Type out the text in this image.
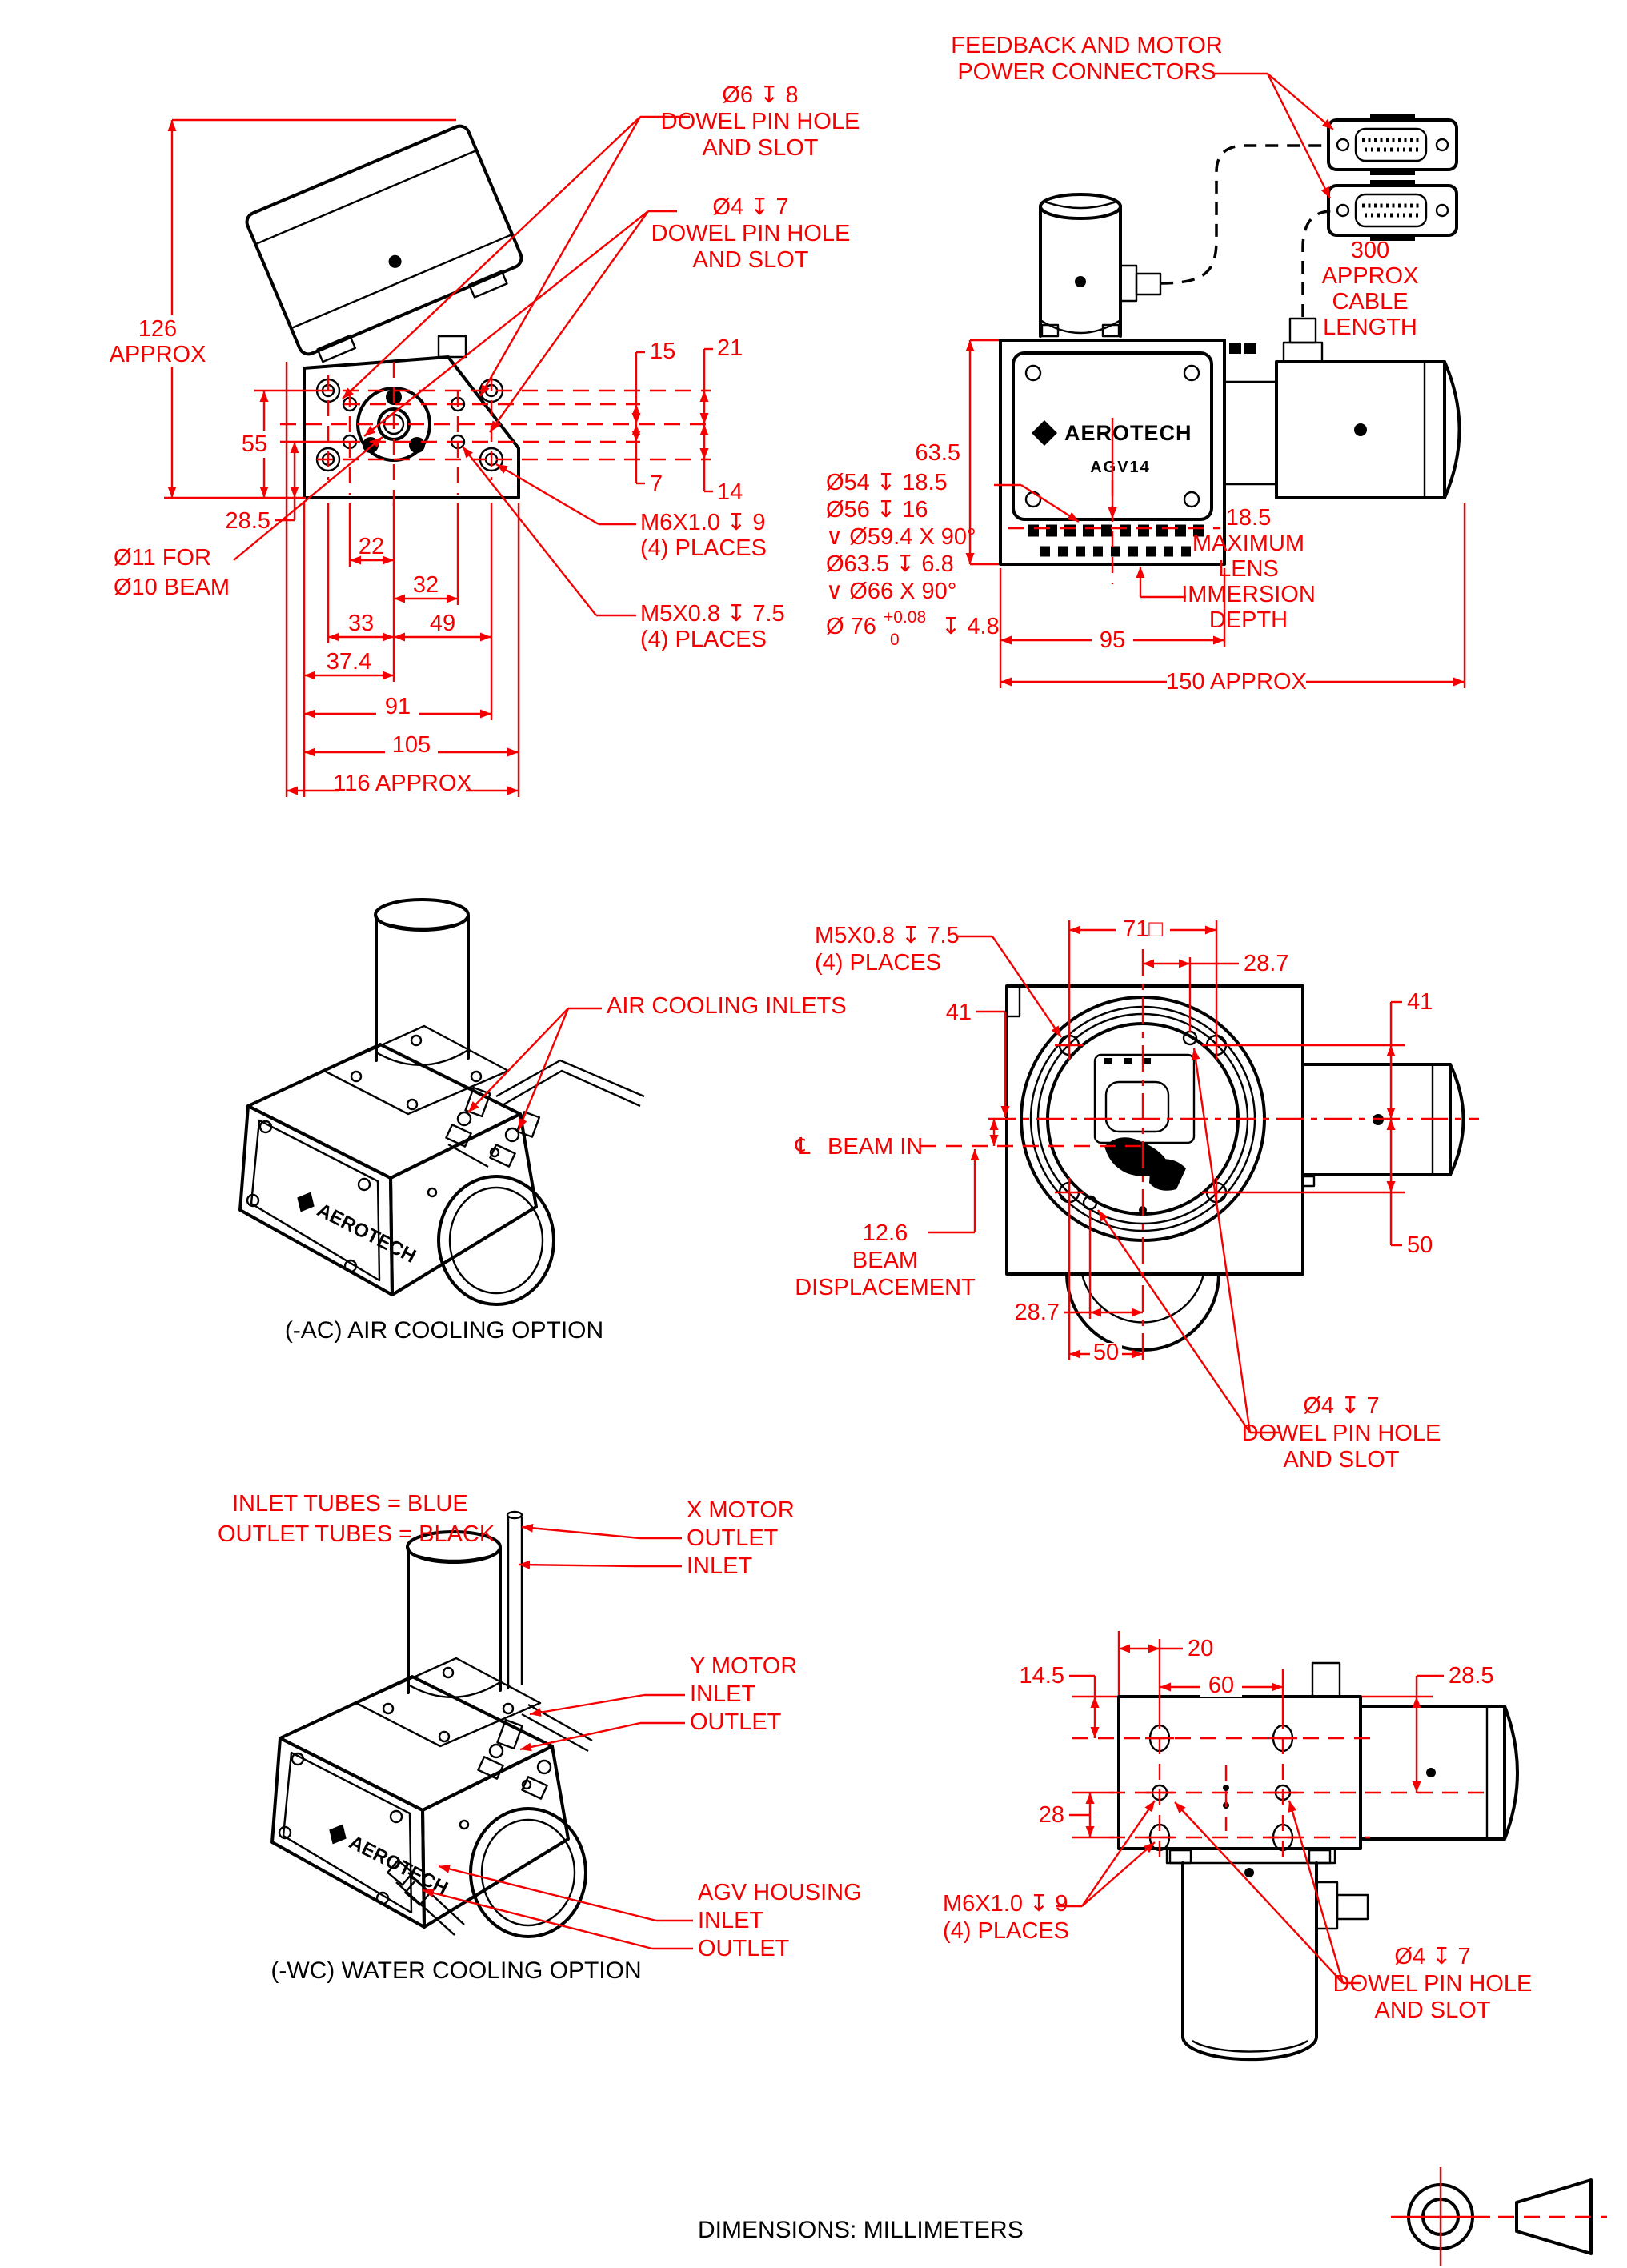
126
APPROX
55
28.5
15
7
21
14
22
32
33 49
37.4
91
105
116 APPROX
Ø6 ↧ 8
DOWEL PIN HOLE
AND SLOT
Ø4 ↧ 7
DOWEL PIN HOLE
AND SLOT
M6X1.0 ↧ 9
(4) PLACES
M5X0.8 ↧ 7.5
(4) PLACES
Ø11 FOR
Ø10 BEAM
AEROTECH
AGV14
FEEDBACK AND MOTOR
POWER CONNECTORS
300
APPROX
CABLE
LENGTH
63.5
Ø54 ↧ 18.5
Ø56 ↧ 16
∨ Ø59.4 X 90°
Ø63.5 ↧ 6.8
∨ Ø66 X 90°
Ø 76 +0.08
0
↧ 4.8
18.5
MAXIMUM
LENS
IMMERSION
DEPTH
95
150 APPROX
71□
28.7
41
50
41
℄ BEAM IN
12.6
BEAM
DISPLACEMENT
28.7
50
M5X0.8 ↧ 7.5
(4) PLACES
Ø4 ↧ 7
DOWEL PIN HOLE
AND SLOT
20
60
14.5	28.5
28
M6X1.0 ↧ 9
(4) PLACES
Ø4 ↧ 7
DOWEL PIN HOLE
AND SLOT
AEROTECH
AIR COOLING INLETS
(-AC) AIR COOLING OPTION
AEROTECH
INLET TUBES = BLUE
OUTLET TUBES = BLACK
X MOTOR
OUTLET
INLET
Y MOTOR
INLET
OUTLET
AGV HOUSING
INLET
OUTLET
(-WC) WATER COOLING OPTION
DIMENSIONS: MILLIMETERS
